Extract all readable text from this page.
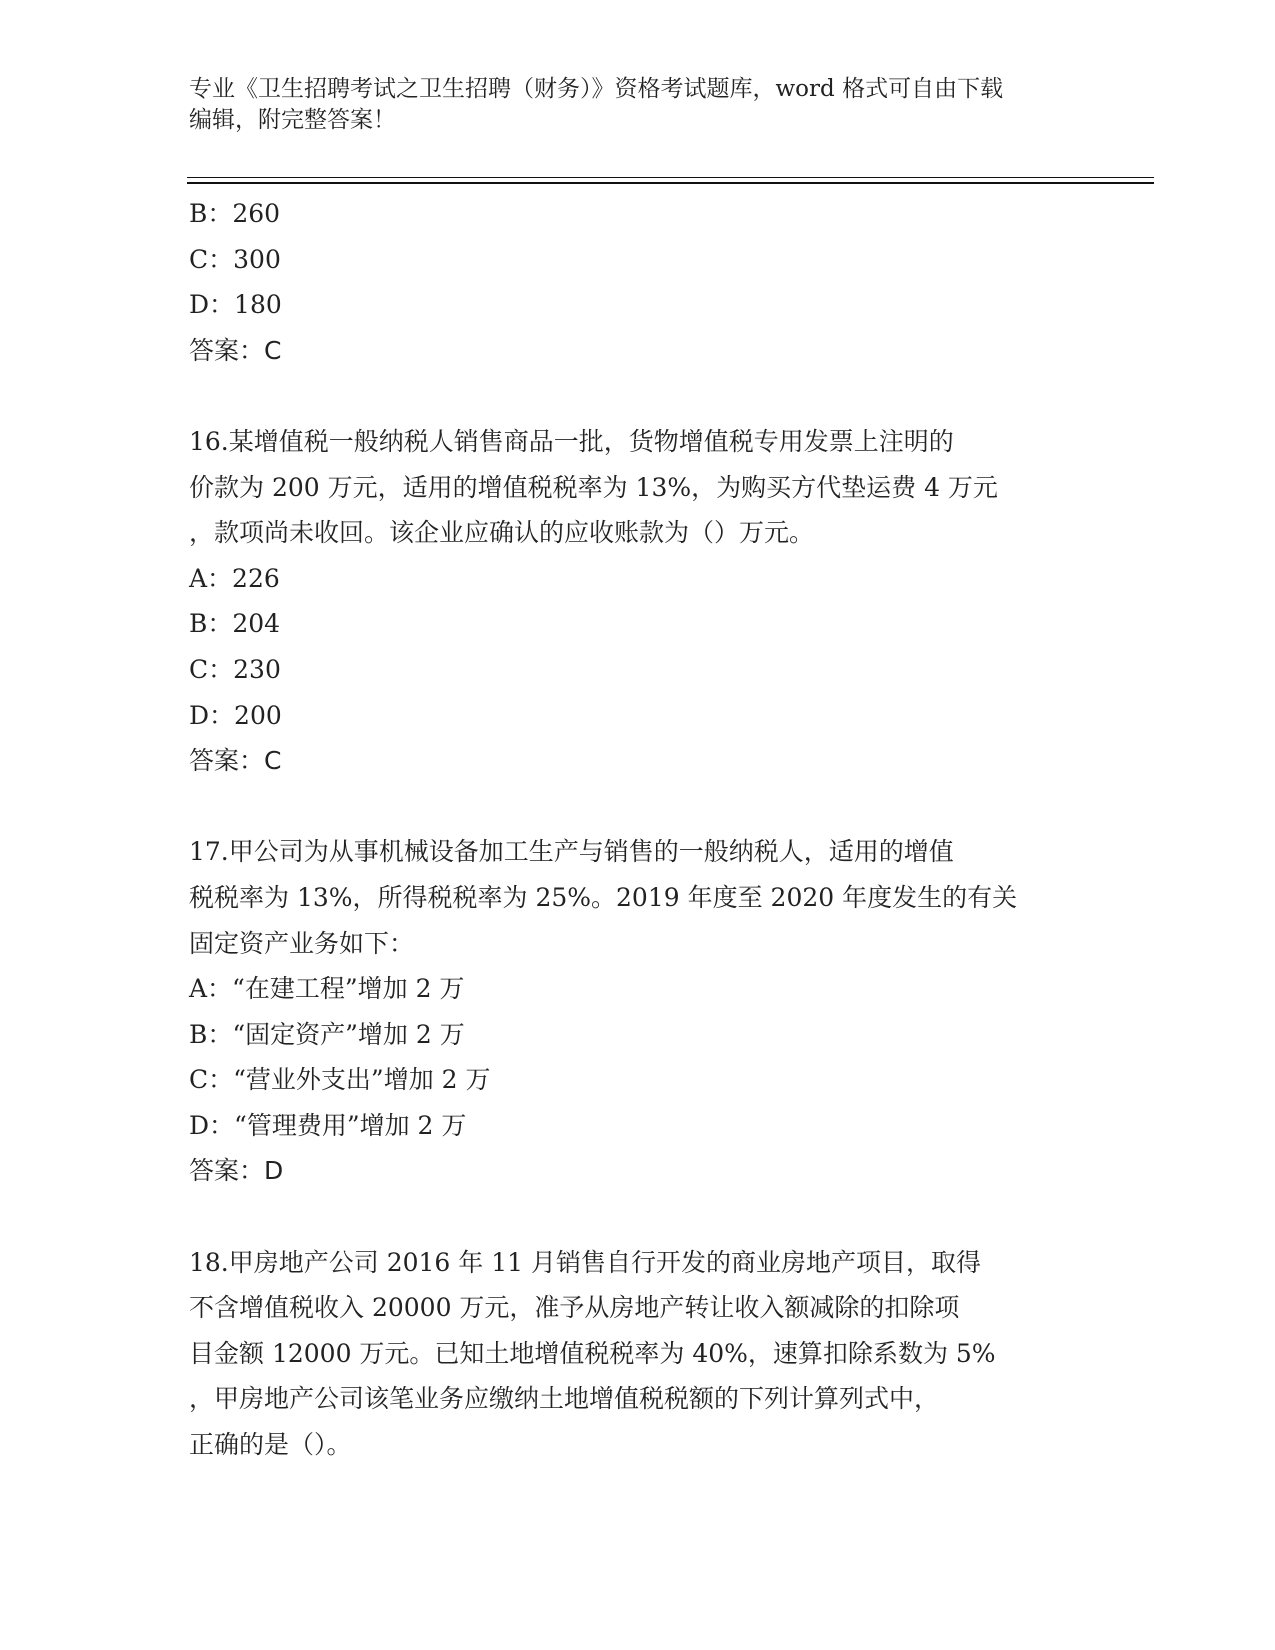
专业《卫生招聘考试之卫生招聘（财务）》资格考试题库，word 格式可自由下载
编辑，附完整答案！
B：260
C：300
D：180
答案：C
16.某增值税一般纳税人销售商品一批，货物增值税专用发票上注明的
价款为 200 万元，适用的增值税税率为 13%，为购买方代垫运费 4 万元
，款项尚未收回。该企业应确认的应收账款为（）万元。
A：226
B：204
C：230
D：200
答案：C
17.甲公司为从事机械设备加工生产与销售的一般纳税人，适用的增值
税税率为 13%，所得税税率为 25%。2019 年度至 2020 年度发生的有关
固定资产业务如下：
A：“在建工程”增加 2 万
B：“固定资产”增加 2 万
C：“营业外支出”增加 2 万
D：“管理费用”增加 2 万
答案：D
18.甲房地产公司 2016 年 11 月销售自行开发的商业房地产项目，取得
不含增值税收入 20000 万元，准予从房地产转让收入额减除的扣除项
目金额 12000 万元。已知土地增值税税率为 40%，速算扣除系数为 5%
，甲房地产公司该笔业务应缴纳土地增值税税额的下列计算列式中，
正确的是（）。
